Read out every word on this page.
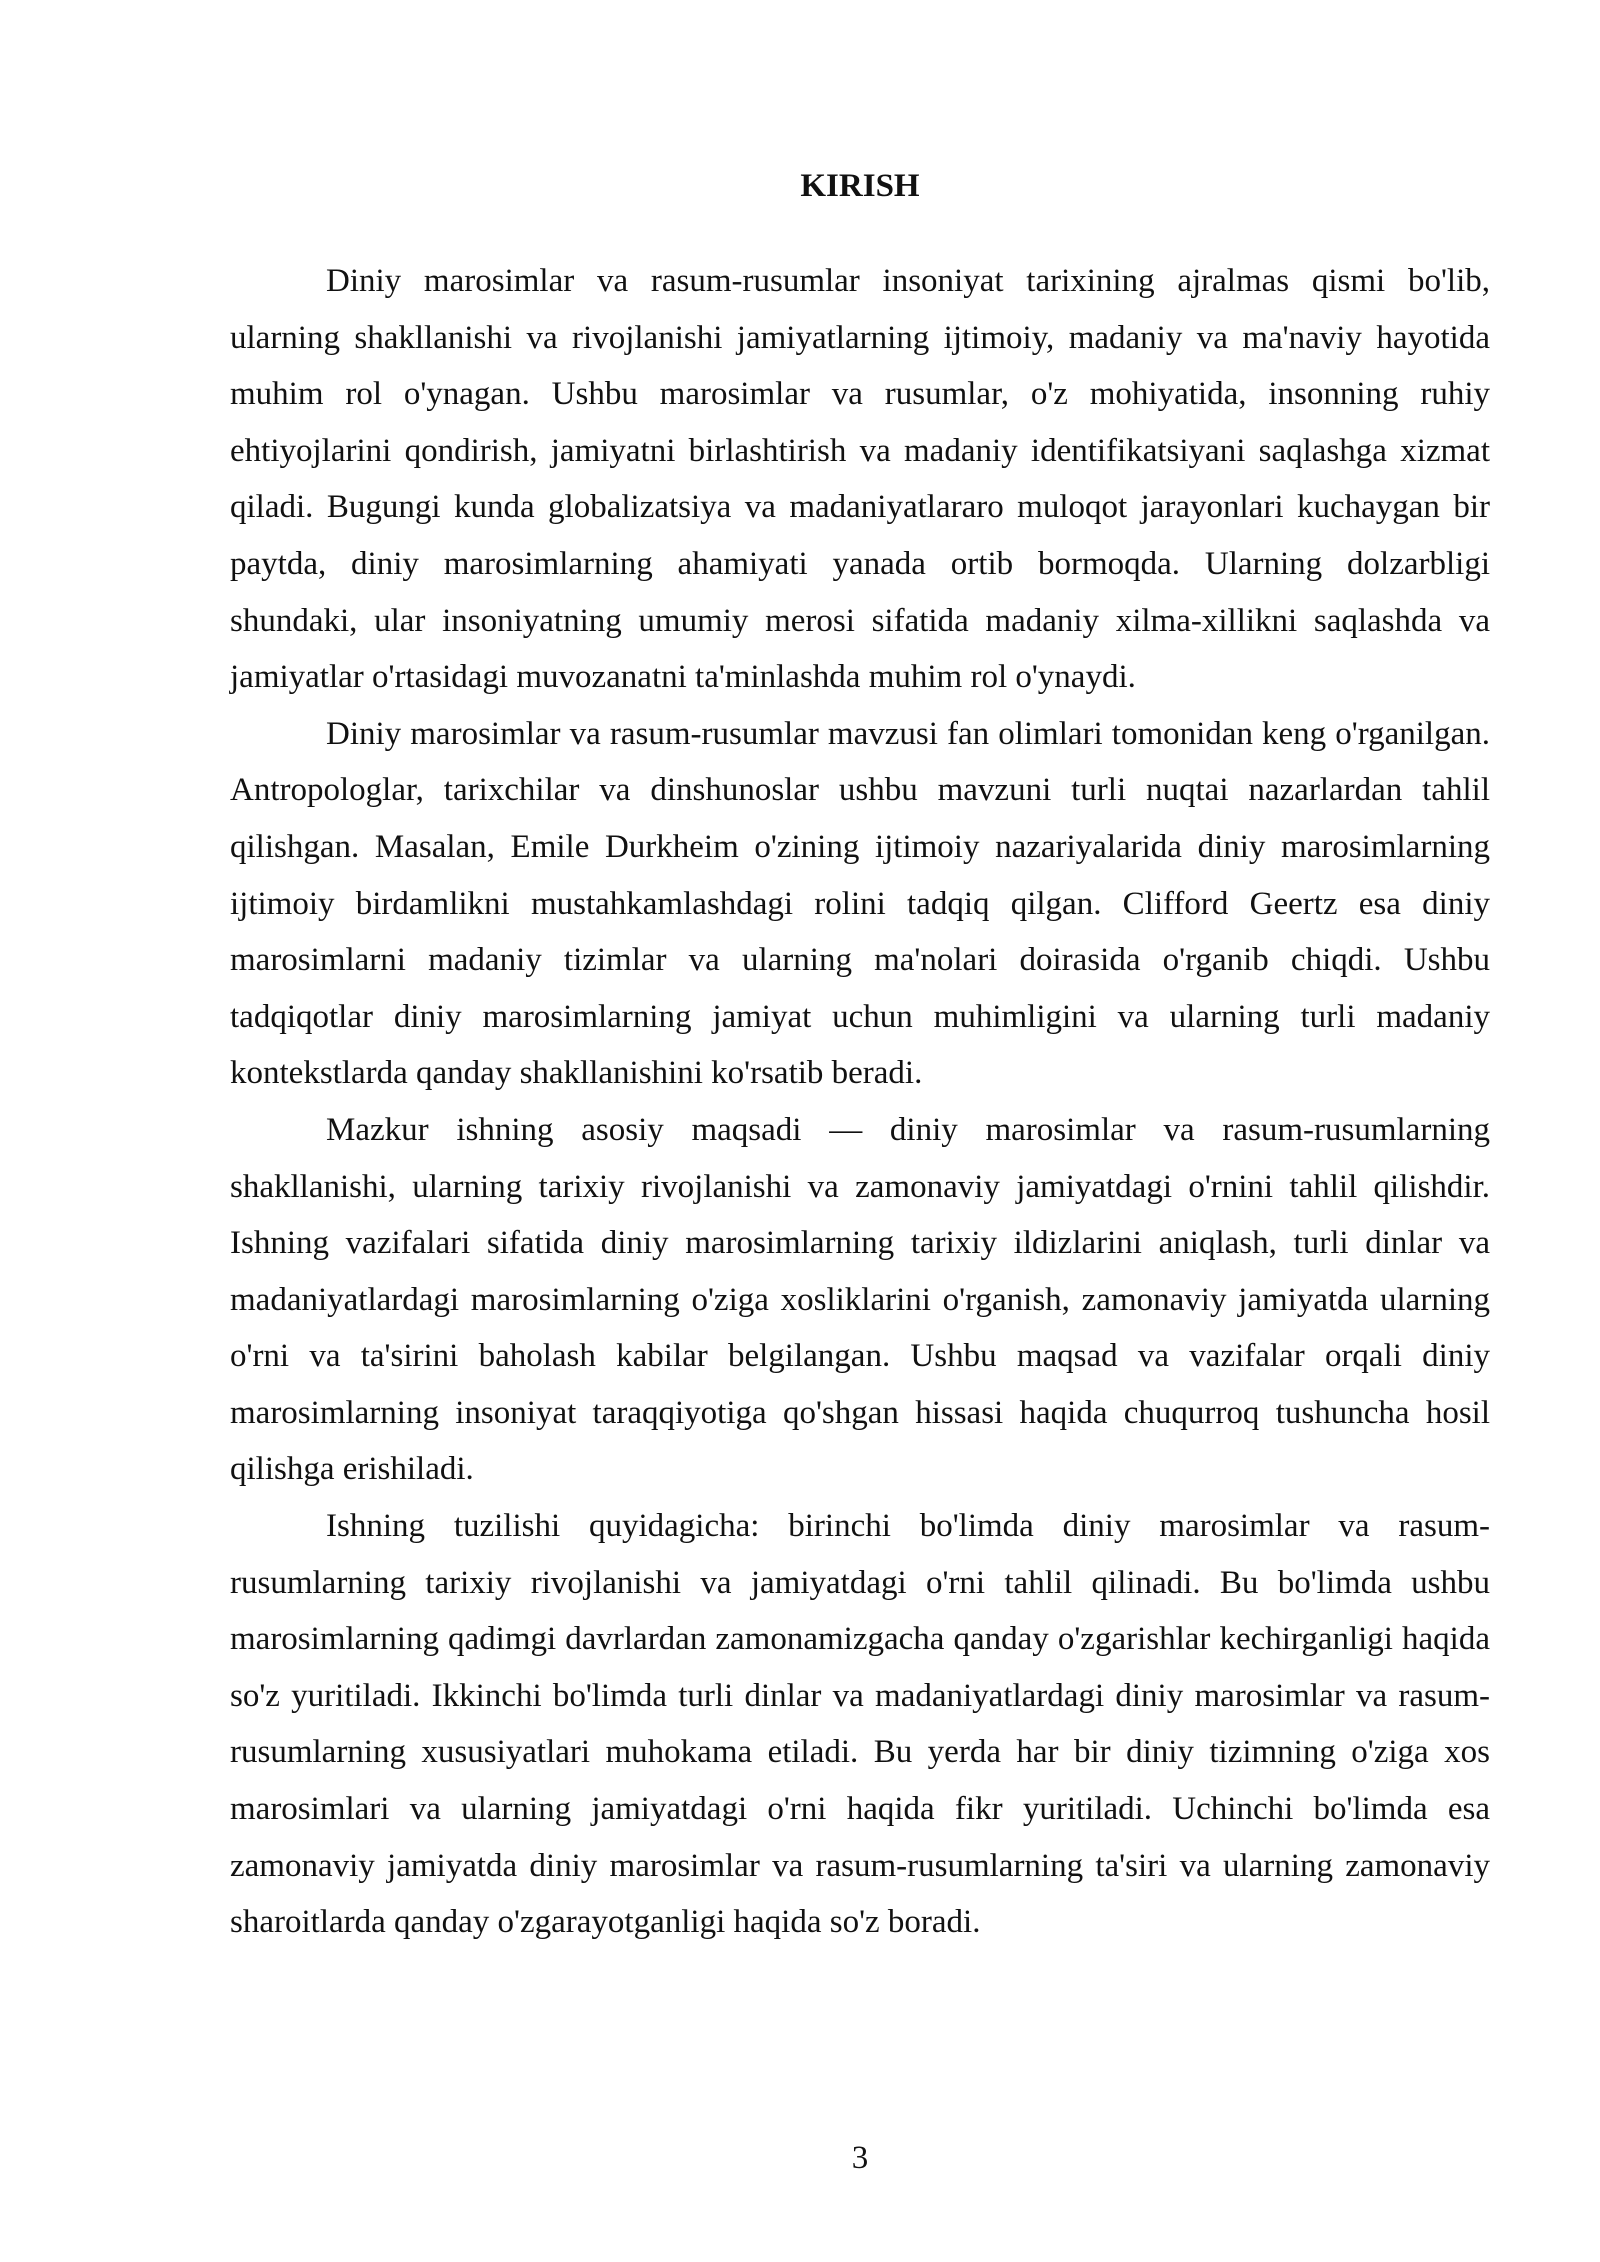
KIRISH

Diniy marosimlar va rasum-rusumlar insoniyat tarixining ajralmas qismi bo'lib, ularning shakllanishi va rivojlanishi jamiyatlarning ijtimoiy, madaniy va ma'naviy hayotida muhim rol o'ynagan. Ushbu marosimlar va rusumlar, o'z mohiyatida, insonning ruhiy ehtiyojlarini qondirish, jamiyatni birlashtirish va madaniy identifikatsiyani saqlashga xizmat qiladi. Bugungi kunda globalizatsiya va madaniyatlararo muloqot jarayonlari kuchaygan bir paytda, diniy marosimlarning ahamiyati yanada ortib bormoqda. Ularning dolzarbligi shundaki, ular insoniyatning umumiy merosi sifatida madaniy xilma-xillikni saqlashda va jamiyatlar o'rtasidagi muvozanatni ta'minlashda muhim rol o'ynaydi.

Diniy marosimlar va rasum-rusumlar mavzusi fan olimlari tomonidan keng o'rganilgan. Antropologlar, tarixchilar va dinshunoslar ushbu mavzuni turli nuqtai nazarlardan tahlil qilishgan. Masalan, Emile Durkheim o'zining ijtimoiy nazariyalarida diniy marosimlarning ijtimoiy birdamlikni mustahkamlashdagi rolini tadqiq qilgan. Clifford Geertz esa diniy marosimlarni madaniy tizimlar va ularning ma'nolari doirasida o'rganib chiqdi. Ushbu tadqiqotlar diniy marosimlarning jamiyat uchun muhimligini va ularning turli madaniy kontekstlarda qanday shakllanishini ko'rsatib beradi.

Mazkur ishning asosiy maqsadi — diniy marosimlar va rasum-rusumlarning shakllanishi, ularning tarixiy rivojlanishi va zamonaviy jamiyatdagi o'rnini tahlil qilishdir. Ishning vazifalari sifatida diniy marosimlarning tarixiy ildizlarini aniqlash, turli dinlar va madaniyatlardagi marosimlarning o'ziga xosliklarini o'rganish, zamonaviy jamiyatda ularning o'rni va ta'sirini baholash kabilar belgilangan. Ushbu maqsad va vazifalar orqali diniy marosimlarning insoniyat taraqqiyotiga qo'shgan hissasi haqida chuqurroq tushuncha hosil qilishga erishiladi.

Ishning tuzilishi quyidagicha: birinchi bo'limda diniy marosimlar va rasum-rusumlarning tarixiy rivojlanishi va jamiyatdagi o'rni tahlil qilinadi. Bu bo'limda ushbu marosimlarning qadimgi davrlardan zamonamizgacha qanday o'zgarishlar kechirganligi haqida so'z yuritiladi. Ikkinchi bo'limda turli dinlar va madaniyatlardagi diniy marosimlar va rasum-rusumlarning xususiyatlari muhokama etiladi. Bu yerda har bir diniy tizimning o'ziga xos marosimlari va ularning jamiyatdagi o'rni haqida fikr yuritiladi. Uchinchi bo'limda esa zamonaviy jamiyatda diniy marosimlar va rasum-rusumlarning ta'siri va ularning zamonaviy sharoitlarda qanday o'zgarayotganligi haqida so'z boradi.

3
